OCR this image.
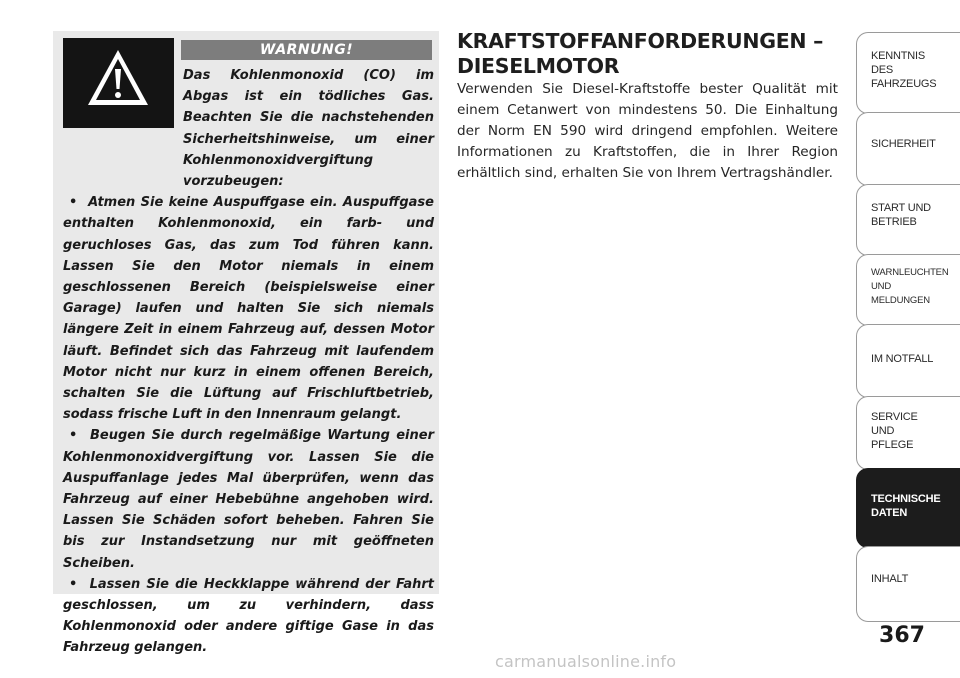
WARNUNG!

Das Kohlenmonoxid (CO) im Abgas ist ein tödliches Gas. Beachten Sie die nachstehenden Sicherheitshinweise, um einer Kohlenmonoxidvergiftung vorzubeugen:

•  Atmen Sie keine Auspuffgase ein. Auspuffgase enthalten Kohlenmonoxid, ein farb- und geruchloses Gas, das zum Tod führen kann. Lassen Sie den Motor niemals in einem geschlossenen Bereich (beispielsweise einer Garage) laufen und halten Sie sich niemals längere Zeit in einem Fahrzeug auf, dessen Motor läuft. Befindet sich das Fahrzeug mit laufendem Motor nicht nur kurz in einem offenen Bereich, schalten Sie die Lüftung auf Frischluftbetrieb, sodass frische Luft in den Innenraum gelangt.

•  Beugen Sie durch regelmäßige Wartung einer Kohlenmonoxidvergiftung vor. Lassen Sie die Auspuffanlage jedes Mal überprüfen, wenn das Fahrzeug auf einer Hebebühne angehoben wird. Lassen Sie Schäden sofort beheben. Fahren Sie bis zur Instandsetzung nur mit geöffneten Scheiben.

•  Lassen Sie die Heckklappe während der Fahrt geschlossen, um zu verhindern, dass Kohlenmonoxid oder andere giftige Gase in das Fahrzeug gelangen.

KRAFTSTOFFANFORDERUNGEN – DIESELMOTOR

Verwenden Sie Diesel-Kraftstoffe bester Qualität mit einem Cetanwert von mindestens 50. Die Einhaltung der Norm EN 590 wird dringend empfohlen. Weitere Informationen zu Kraftstoffen, die in Ihrer Region erhältlich sind, erhalten Sie von Ihrem Vertragshändler.

KENNTNIS
DES
FAHRZEUGS
SICHERHEIT
START UND
BETRIEB
WARNLEUCHTEN
UND
MELDUNGEN
IM NOTFALL
SERVICE
UND
PFLEGE
TECHNISCHE
DATEN
INHALT
367
carmanualsonline.info
